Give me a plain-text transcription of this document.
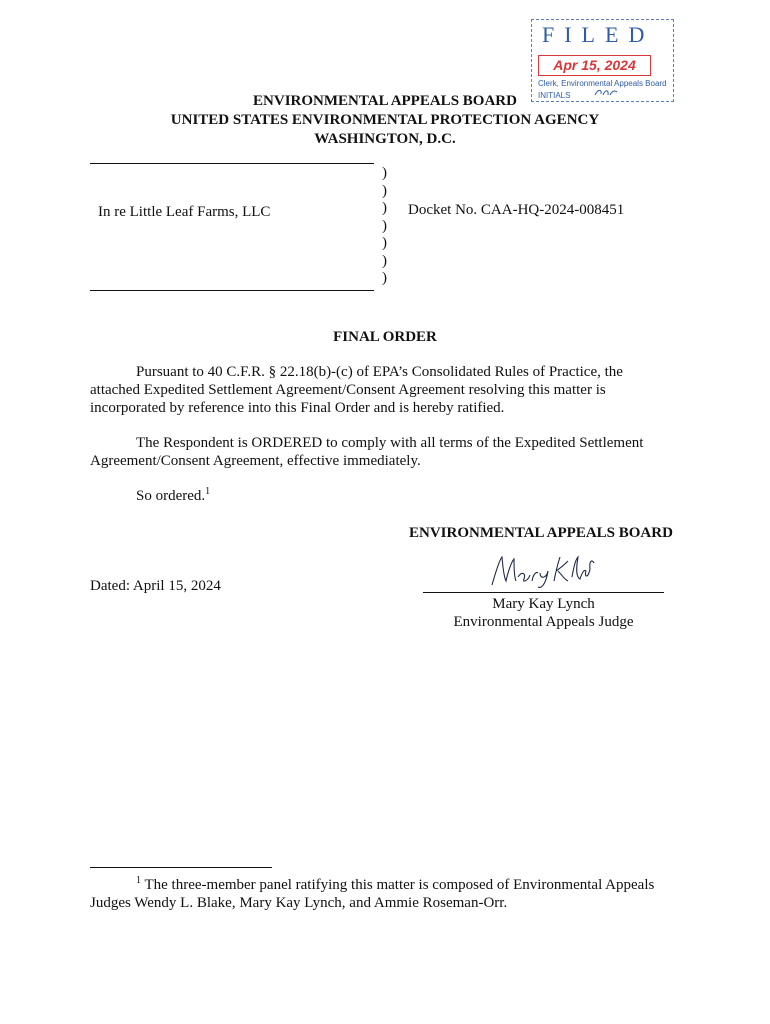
FILED
Apr 15, 2024
Clerk, Environmental Appeals Board
INITIALS
ENVIRONMENTAL APPEALS BOARD
UNITED STATES ENVIRONMENTAL PROTECTION AGENCY
WASHINGTON, D.C.
)
)
)
)
)
)
)
In re Little Leaf Farms, LLC	Docket No. CAA-HQ-2024-008451
FINAL ORDER
Pursuant to 40 C.F.R. § 22.18(b)-(c) of EPA’s Consolidated Rules of Practice, the
attached Expedited Settlement Agreement/Consent Agreement resolving this matter is
incorporated by reference into this Final Order and is hereby ratified.
The Respondent is ORDERED to comply with all terms of the Expedited Settlement
Agreement/Consent Agreement, effective immediately.
So ordered.$^1$
ENVIRONMENTAL APPEALS BOARD
Dated: April 15, 2024
Mary Kay Lynch
Environmental Appeals Judge
$^1$ The three-member panel ratifying this matter is composed of Environmental Appeals
Judges Wendy L. Blake, Mary Kay Lynch, and Ammie Roseman-Orr.
